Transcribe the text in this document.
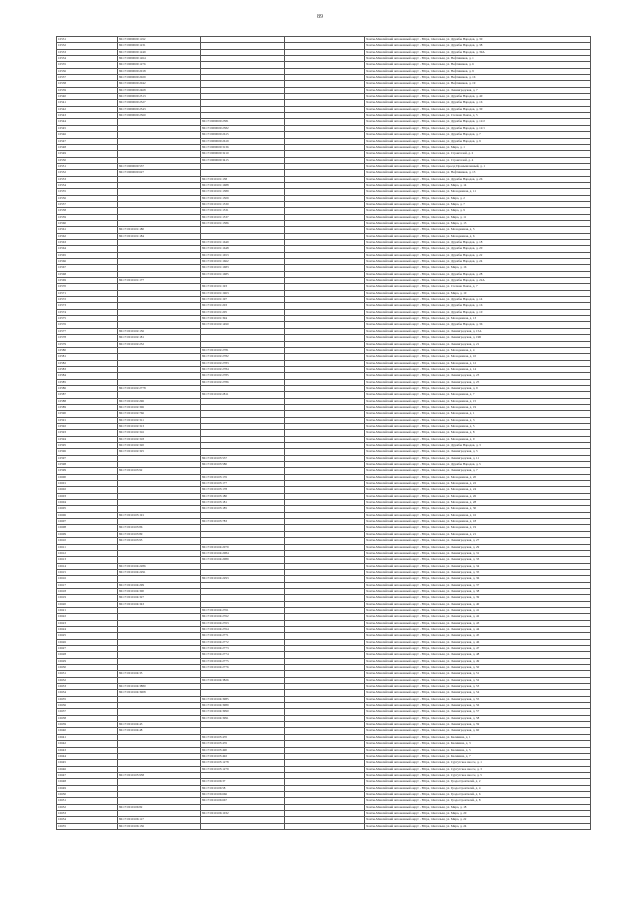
89
10531	86:17:0000000:1192			Ханты-Мансийский автономный округ - Югра, г.Когалым, ул. Дружбы Народов, д. 30
10532	86:17:0000000:1231			Ханты-Мансийский автономный округ - Югра, г.Когалым, ул. Дружбы Народов, д. 38
10533	86:17:0000000:1249			Ханты-Мансийский автономный округ - Югра, г.Когалым, ул. Дружбы Народов, д. 39А
10534	86:17:0000000:1264			Ханты-Мансийский автономный округ - Югра, г.Когалым, ул. Нефтяников, д. 1
10535	86:17:0000000:1276			Ханты-Мансийский автономный округ - Югра, г.Когалым, ул. Нефтяников, д. 6
10536	86:17:0000000:2018			Ханты-Мансийский автономный округ - Югра, г.Когалым, ул. Нефтяников, д. 9
10537	86:17:0000000:2029			Ханты-Мансийский автономный округ - Югра, г.Когалым, ул. Нефтяников, д. 16
10538	86:17:0000000:2042			Ханты-Мансийский автономный округ - Югра, г.Когалым, ул. Нефтяников, д. 19
10539	86:17:0000000:2468			Ханты-Мансийский автономный округ - Югра, г.Когалым, ул. Ленинградская, д. 7
10540	86:17:0000000:2513			Ханты-Мансийский автономный округ - Югра, г.Когалым, ул. Дружбы Народов, д. 40
10541	86:17:0000000:2527			Ханты-Мансийский автономный округ - Югра, г.Когалым, ул. Дружбы Народов, д. 16
10542	86:17:0000000:2543			Ханты-Мансийский автономный округ - Югра, г.Когалым, ул. Дружбы Народов, д. 30
10543	86:17:0000000:2560			Ханты-Мансийский автономный округ - Югра, г.Когалым, ул. Степана Повха, д. 5
10544		86:17:0000000:2581		Ханты-Мансийский автономный округ - Югра, г.Когалым, ул. Дружбы Народов, д. 12/2
10545		86:17:0000000:2582		Ханты-Мансийский автономный округ - Югра, г.Когалым, ул. Дружбы Народов, д. 12/1
10546		86:17:0000000:2615		Ханты-Мансийский автономный округ - Югра, г.Когалым, ул. Дружбы Народов, д. 7
10547		86:17:0000000:2619		Ханты-Мансийский автономный округ - Югра, г.Когалым, ул. Дружбы Народов, д. 9
10548		86:17:0000000:3136		Ханты-Мансийский автономный округ - Югра, г.Когалым, ул. Мира, д. 1
10549		86:17:0000000:3210		Ханты-Мансийский автономный округ - Югра, г.Когалым, ул. Строителей, д. 2
10550		86:17:0000000:3415		Ханты-Мансийский автономный округ - Югра, г.Когалым, ул. Строителей, д. 4
10551	86:17:0000000:537			Ханты-Мансийский автономный округ - Югра, г.Когалым, проезд Промышленный, д. 1
10552	86:17:0000000:627			Ханты-Мансийский автономный округ - Югра, г.Когалым, ул. Нефтяников, д. 13
10553		86:17:0010101:138		Ханты-Мансийский автономный округ - Югра, г.Когалым, ул. Дружбы Народов, д. 26
10554		86:17:0010101:1688		Ханты-Мансийский автономный округ - Югра, г.Когалым, ул. Мира, д. 14
10555		86:17:0010101:1389		Ханты-Мансийский автономный округ - Югра, г.Когалым, ул. Молодежная, д. 11
10556		86:17:0010101:1509		Ханты-Мансийский автономный округ - Югра, г.Когалым, ул. Мира, д. 2
10557		86:17:0010101:1530		Ханты-Мансийский автономный округ - Югра, г.Когалым, ул. Мира, д. 7
10558		86:17:0010101:1531		Ханты-Мансийский автономный округ - Югра, г.Когалым, ул. Мира, д. 9
10559		86:17:0010101:1537		Ханты-Мансийский автономный округ - Югра, г.Когалым, ул. Мира, д. 11
10560		86:17:0010101:1586		Ханты-Мансийский автономный округ - Югра, г.Когалым, ул. Мира, д. 13
10561	86:17:0010101:180			Ханты-Мансийский автономный округ - Югра, г.Когалым, ул. Молодежная, д. 5
10562	86:17:0010101:184			Ханты-Мансийский автономный округ - Югра, г.Когалым, ул. Молодежная, д. 6
10563		86:17:0010101:1649		Ханты-Мансийский автономный округ - Югра, г.Когалым, ул. Дружбы Народов, д. 18
10564		86:17:0010101:1648		Ханты-Мансийский автономный округ - Югра, г.Когалым, ул. Дружбы Народов, д. 20
10565		86:17:0010101:1653		Ханты-Мансийский автономный округ - Югра, г.Когалым, ул. Дружбы Народов, д. 22
10566		86:17:0010101:1662		Ханты-Мансийский автономный округ - Югра, г.Когалым, ул. Дружбы Народов, д. 24
10567		86:17:0010101:1683		Ханты-Мансийский автономный округ - Югра, г.Когалым, ул. Мира, д. 16
10568		86:17:0010101:1685		Ханты-Мансийский автономный округ - Югра, г.Когалым, ул. Дружбы Народов, д. 28
10569	86:17:0010101:177			Ханты-Мансийский автономный округ - Югра, г.Когалым, ул. Дружбы Народов, д. 22А
10570		86:17:0010101:193		Ханты-Мансийский автономный округ - Югра, г.Когалым, ул. Степана Повха, д. 7
10571		86:17:0010101:1963		Ханты-Мансийский автономный округ - Югра, г.Когалым, ул. Мира, д. 10
10572		86:17:0010101:197		Ханты-Мансийский автономный округ - Югра, г.Когалым, ул. Дружбы Народов, д. 14
10573		86:17:0010101:203		Ханты-Мансийский автономный округ - Югра, г.Когалым, ул. Дружбы Народов, д. 16
10574		86:17:0010101:205		Ханты-Мансийский автономный округ - Югра, г.Когалым, ул. Дружбы Народов, д. 10
10575		86:17:0010101:394		Ханты-Мансийский автономный округ - Югра, г.Когалым, ул. Молодежная, д. 13
10576		86:17:0010102:1490		Ханты-Мансийский автономный округ - Югра, г.Когалым, ул. Дружбы Народов, д. 36
10577	86:17:0010102:156			Ханты-Мансийский автономный округ - Югра, г.Когалым, ул. Ленинградская, д. 15А
10578	86:17:0010102:181			Ханты-Мансийский автономный округ - Югра, г.Когалым, ул. Ленинградская, д. 19Б
10579	86:17:0010102:252			Ханты-Мансийский автономный округ - Югра, г.Когалым, ул. Ленинградская, д. 21
10580		86:17:0010102:2781		Ханты-Мансийский автономный округ - Югра, г.Когалым, ул. Молодежная, д. 4
10581		86:17:0010102:2782		Ханты-Мансийский автономный округ - Югра, г.Когалым, ул. Молодежная, д. 10
10582		86:17:0010102:2783		Ханты-Мансийский автономный округ - Югра, г.Когалым, ул. Молодежная, д. 12
10583		86:17:0010102:2784		Ханты-Мансийский автономный округ - Югра, г.Когалым, ул. Молодежная, д. 14
10584		86:17:0010102:2785		Ханты-Мансийский автономный округ - Югра, г.Когалым, ул. Ленинградская, д. 23
10585		86:17:0010102:2786		Ханты-Мансийский автономный округ - Югра, г.Когалым, ул. Ленинградская, д. 25
10586	86:17:0010102:2778			Ханты-Мансийский автономный округ - Югра, г.Когалым, ул. Ленинградская, д. 9
10587		86:17:0010102:2811		Ханты-Мансийский автономный округ - Югра, г.Когалым, ул. Молодежная, д. 7
10588	86:17:0010102:296			Ханты-Мансийский автономный округ - Югра, г.Когалым, ул. Молодежная, д. 15
10589	86:17:0010102:306			Ханты-Мансийский автономный округ - Югра, г.Когалым, ул. Молодежная, д. 19
10590	86:17:0010102:766			Ханты-Мансийский автономный округ - Югра, г.Когалым, ул. Молодежная, д. 1
10591	86:17:0010102:311			Ханты-Мансийский автономный округ - Югра, г.Когалым, ул. Молодежная, д. 3
10592	86:17:0010102:313			Ханты-Мансийский автономный округ - Югра, г.Когалым, ул. Молодежная, д. 5
10593	86:17:0010102:316			Ханты-Мансийский автономный округ - Югра, г.Когалым, ул. Молодежная, д. 8
10594	86:17:0010102:318			Ханты-Мансийский автономный округ - Югра, г.Когалым, ул. Молодежная, д. 9
10595	86:17:0010102:320			Ханты-Мансийский автономный округ - Югра, г.Когалым, ул. Дружбы Народов, д. 3
10596	86:17:0010102:325			Ханты-Мансийский автономный округ - Югра, г.Когалым, ул. Ленинградская, д. 5
10597		86:17:0010103:537		Ханты-Мансийский автономный округ - Югра, г.Когалым, ул. Ленинградская, д. 11
10598		86:17:0010103:580		Ханты-Мансийский автономный округ - Югра, г.Когалым, ул. Дружбы Народов, д. 5
10599	86:17:0010103:92			Ханты-Мансийский автономный округ - Югра, г.Когалым, ул. Ленинградская, д. 7
10600		86:17:0010103:176		Ханты-Мансийский автономный округ - Югра, г.Когалым, ул. Молодежная, д. 20
10601		86:17:0010103:177		Ханты-Мансийский автономный округ - Югра, г.Когалым, ул. Молодежная, д. 22
10602		86:17:0010103:178		Ханты-Мансийский автономный округ - Югра, г.Когалым, ул. Молодежная, д. 24
10603		86:17:0010103:180		Ханты-Мансийский автономный округ - Югра, г.Когалым, ул. Молодежная, д. 26
10604		86:17:0010103:181		Ханты-Мансийский автономный округ - Югра, г.Когалым, ул. Молодежная, д. 28
10605		86:17:0010103:185		Ханты-Мансийский автономный округ - Югра, г.Когалым, ул. Молодежная, д. 30
10606	86:17:0010103:191			Ханты-Мансийский автономный округ - Югра, г.Когалым, ул. Молодежная, д. 16
10607		86:17:0010103:783		Ханты-Мансийский автономный округ - Югра, г.Когалым, ул. Молодежная, д. 18
10608	86:17:0010103:86			Ханты-Мансийский автономный округ - Югра, г.Когалым, ул. Молодежная, д. 19
10609	86:17:0010103:89			Ханты-Мансийский автономный округ - Югра, г.Когалым, ул. Молодежная, д. 21
10610	86:17:0010103:95			Ханты-Мансийский автономный округ - Югра, г.Когалым, ул. Ленинградская, д. 27
10611		86:17:0010104:2079		Ханты-Мансийский автономный округ - Югра, г.Когалым, ул. Ленинградская, д. 29
10612		86:17:0010104:2084		Ханты-Мансийский автономный округ - Югра, г.Когалым, ул. Ленинградская, д. 31
10613		86:17:0010104:2089		Ханты-Мансийский автономный округ - Югра, г.Когалым, ул. Ленинградская, д. 33
10614	86:17:0010104:2286			Ханты-Мансийский автономный округ - Югра, г.Когалым, ул. Ленинградская, д. 34
10615	86:17:0010104:2291			Ханты-Мансийский автономный округ - Югра, г.Когалым, ул. Ленинградская, д. 35
10616		86:17:0010104:2293		Ханты-Мансийский автономный округ - Югра, г.Когалым, ул. Ленинградская, д. 36
10617	86:17:0010104:299			Ханты-Мансийский автономный округ - Югра, г.Когалым, ул. Ленинградская, д. 37
10618	86:17:0010104:300			Ханты-Мансийский автономный округ - Югра, г.Когалым, ул. Ленинградская, д. 38
10619	86:17:0010104:327			Ханты-Мансийский автономный округ - Югра, г.Когалым, ул. Ленинградская, д. 39
10620	86:17:0010104:343			Ханты-Мансийский автономный округ - Югра, г.Когалым, ул. Ленинградская, д. 40
10621		86:17:0010104:2761		Ханты-Мансийский автономный округ - Югра, г.Когалым, ул. Ленинградская, д. 41
10622		86:17:0010104:2762		Ханты-Мансийский автономный округ - Югра, г.Когалым, ул. Ленинградская, д. 42
10623		86:17:0010104:2763		Ханты-Мансийский автономный округ - Югра, г.Когалым, ул. Ленинградская, д. 43
10624		86:17:0010104:2764		Ханты-Мансийский автономный округ - Югра, г.Когалым, ул. Ленинградская, д. 44
10625		86:17:0010104:2771		Ханты-Мансийский автономный округ - Югра, г.Когалым, ул. Ленинградская, д. 45
10626		86:17:0010104:2772		Ханты-Мансийский автономный округ - Югра, г.Когалым, ул. Ленинградская, д. 46
10627		86:17:0010104:2773		Ханты-Мансийский автономный округ - Югра, г.Когалым, ул. Ленинградская, д. 47
10628		86:17:0010104:2774		Ханты-Мансийский автономный округ - Югра, г.Когалым, ул. Ленинградская, д. 48
10629		86:17:0010104:2775		Ханты-Мансийский автономный округ - Югра, г.Когалым, ул. Ленинградская, д. 49
10630		86:17:0010104:2776		Ханты-Мансийский автономный округ - Югра, г.Когалым, ул. Ленинградская, д. 50
10631	86:17:0010104:35			Ханты-Мансийский автономный округ - Югра, г.Когалым, ул. Ленинградская, д. 51
10632		86:17:0010104:3826		Ханты-Мансийский автономный округ - Югра, г.Когалым, ул. Ленинградская, д. 52
10633	86:17:0010104:3880			Ханты-Мансийский автономный округ - Югра, г.Когалым, ул. Ленинградская, д. 53
10634	86:17:0010104:3908			Ханты-Мансийский автономный округ - Югра, г.Когалым, ул. Ленинградская, д. 54
10635		86:17:0010104:3985		Ханты-Мансийский автономный округ - Югра, г.Когалым, ул. Ленинградская, д. 55
10636		86:17:0010104:3989		Ханты-Мансийский автономный округ - Югра, г.Когалым, ул. Ленинградская, д. 56
10637		86:17:0010104:3990		Ханты-Мансийский автономный округ - Югра, г.Когалым, ул. Ленинградская, д. 57
10638		86:17:0010104:3991		Ханты-Мансийский автономный округ - Югра, г.Когалым, ул. Ленинградская, д. 58
10639	86:17:0010104:43			Ханты-Мансийский автономный округ - Югра, г.Когалым, ул. Ленинградская, д. 59
10640	86:17:0010104:48			Ханты-Мансийский автономный округ - Югра, г.Когалым, ул. Ленинградская, д. 60
10641		86:17:0010105:470		Ханты-Мансийский автономный округ - Югра, г.Когалым, ул. Калинина, д. 1
10642		86:17:0010105:476		Ханты-Мансийский автономный округ - Югра, г.Когалым, ул. Калинина, д. 3
10643		86:17:0010105:490		Ханты-Мансийский автономный округ - Югра, г.Когалым, ул. Калинина, д. 5
10644		86:17:0010105:492		Ханты-Мансийский автономный округ - Югра, г.Когалым, ул. Калинина, д. 7
10645		86:17:0010105:1278		Ханты-Мансийский автономный округ - Югра, г.Когалым, ул. Сургутское шоссе, д. 1
10646		86:17:0010105:1279		Ханты-Мансийский автономный округ - Югра, г.Когалым, ул. Сургутское шоссе, д. 3
10647	86:17:0010105:958			Ханты-Мансийский автономный округ - Югра, г.Когалым, ул. Сургутское шоссе, д. 5
10648		86:17:0010106:37		Ханты-Мансийский автономный округ - Югра, г.Когалым, ул. Градостроителей, д. 2
10649		86:17:0010106:58		Ханты-Мансийский автономный округ - Югра, г.Когалым, ул. Градостроителей, д. 4
10650		86:17:0010106:666		Ханты-Мансийский автономный округ - Югра, г.Когалым, ул. Градостроителей, д. 6
10651		86:17:0010106:667		Ханты-Мансийский автономный округ - Югра, г.Когалым, ул. Градостроителей, д. 8
10652	86:17:0010106:82			Ханты-Мансийский автономный округ - Югра, г.Когалым, ул. Мира, д. 18
10653		86:17:0010106:1032		Ханты-Мансийский автономный округ - Югра, г.Когалым, ул. Мира, д. 20
10654	86:17:0010106:117			Ханты-Мансийский автономный округ - Югра, г.Когалым, ул. Мира, д. 22
10655	86:17:0010106:136			Ханты-Мансийский автономный округ - Югра, г.Когалым, ул. Мира, д. 24
